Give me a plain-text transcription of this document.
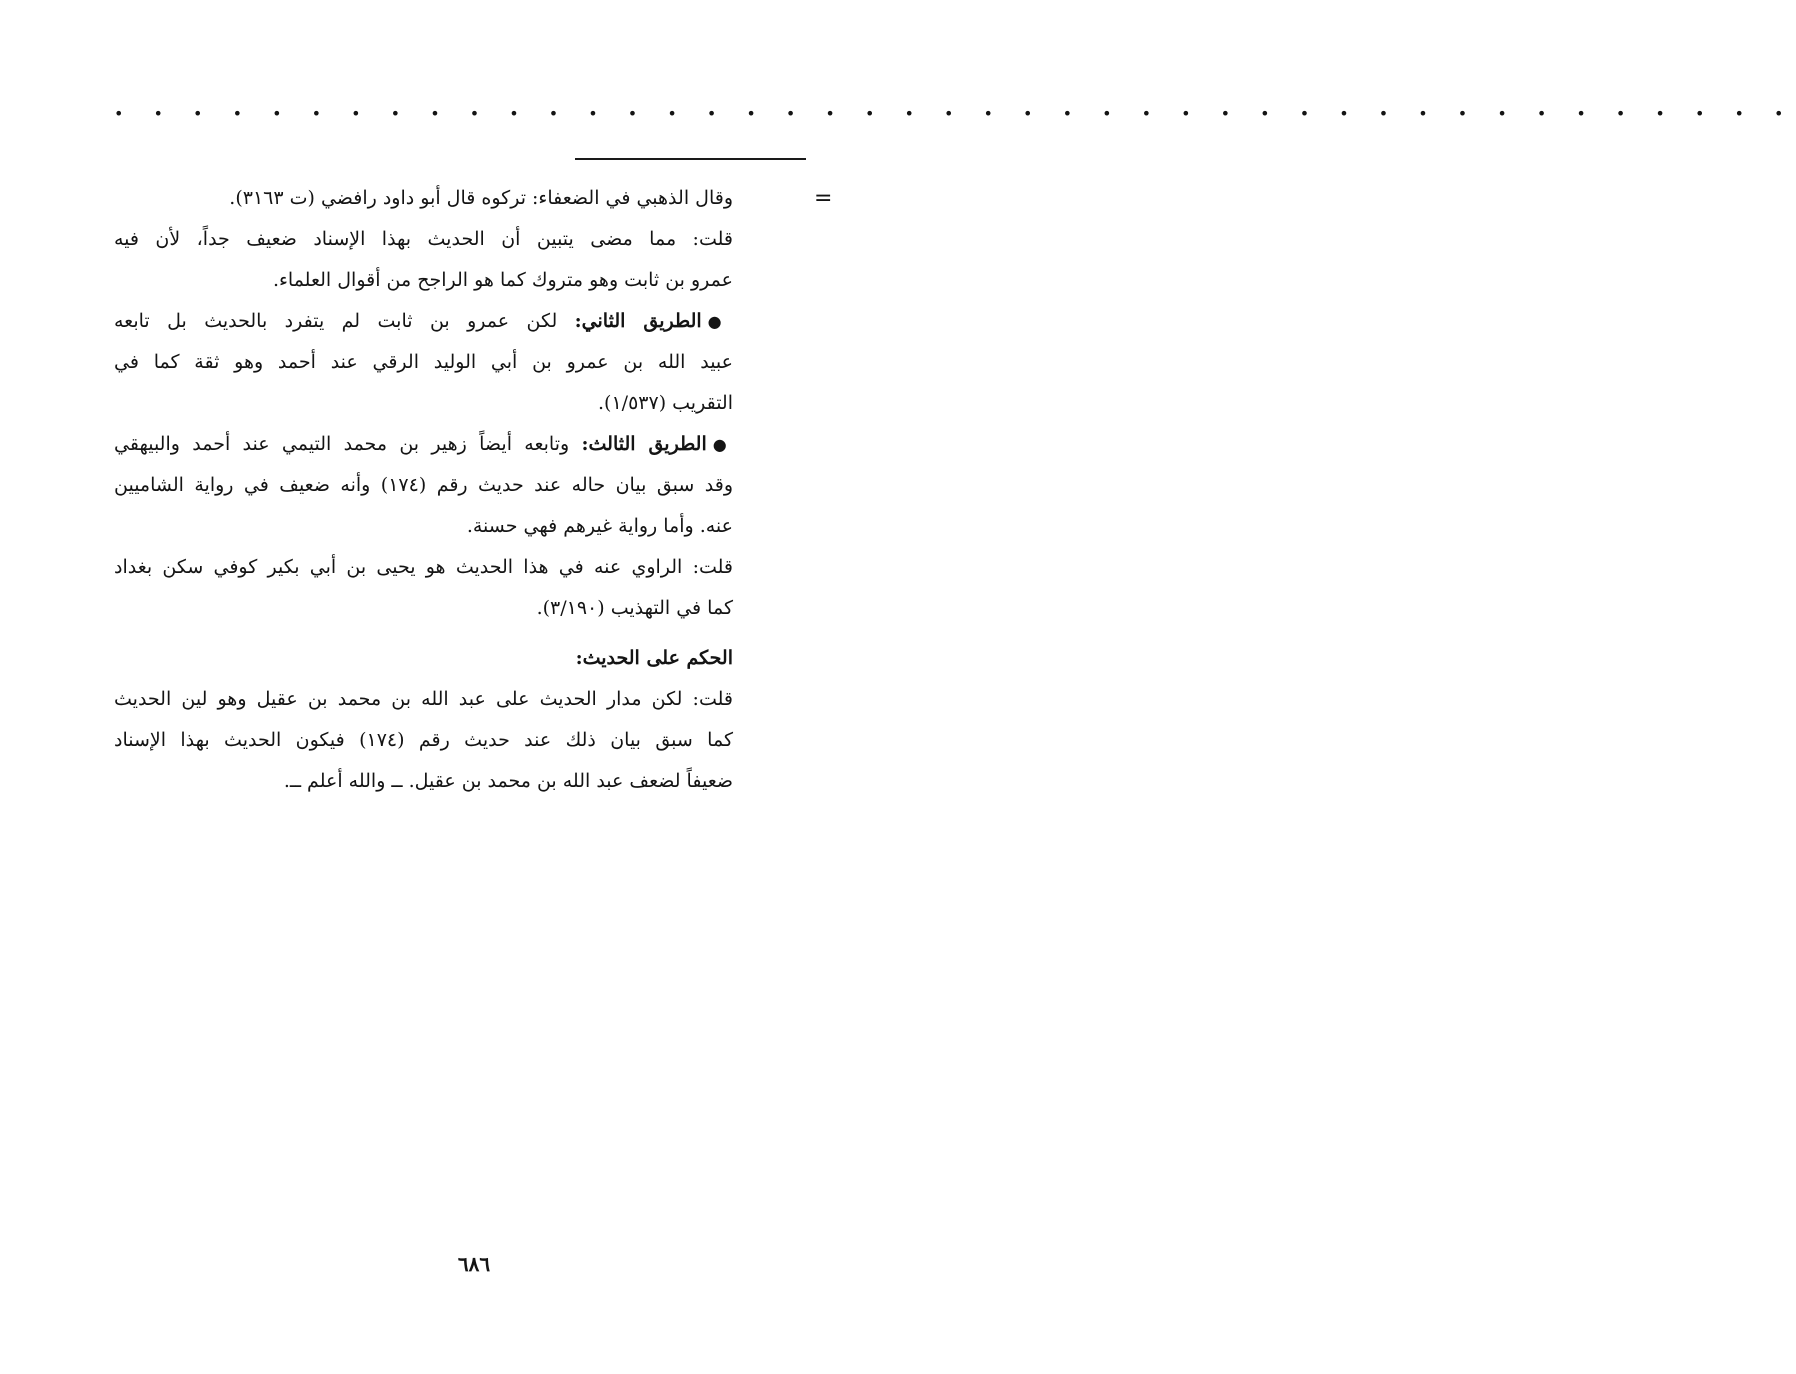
• • • • • • • • • • • • • • • • • • • • • • • • • • • • • • • • • • • • • • • • • • •
=
وقال الذهبي في الضعفاء: تركوه قال أبو داود رافضي (ت ٣١٦٣).
قلت: مما مضى يتبين أن الحديث بهذا الإسناد ضعيف جداً، لأن فيه
عمرو بن ثابت وهو متروك كما هو الراجح من أقوال العلماء.
●الطريق الثاني: لكن عمرو بن ثابت لم يتفرد بالحديث بل تابعه
عبيد الله بن عمرو بن أبي الوليد الرقي عند أحمد وهو ثقة كما في
التقريب (١/٥٣٧).
●الطريق الثالث: وتابعه أيضاً زهير بن محمد التيمي عند أحمد والبيهقي
وقد سبق بيان حاله عند حديث رقم (١٧٤) وأنه ضعيف في رواية الشاميين
عنه. وأما رواية غيرهم فهي حسنة.
قلت: الراوي عنه في هذا الحديث هو يحيى بن أبي بكير كوفي سكن بغداد
كما في التهذيب (٣/١٩٠).
الحكم على الحديث:
قلت: لكن مدار الحديث على عبد الله بن محمد بن عقيل وهو لين الحديث
كما سبق بيان ذلك عند حديث رقم (١٧٤) فيكون الحديث بهذا الإسناد
ضعيفاً لضعف عبد الله بن محمد بن عقيل. ــ والله أعلم ــ.
٦٨٦
